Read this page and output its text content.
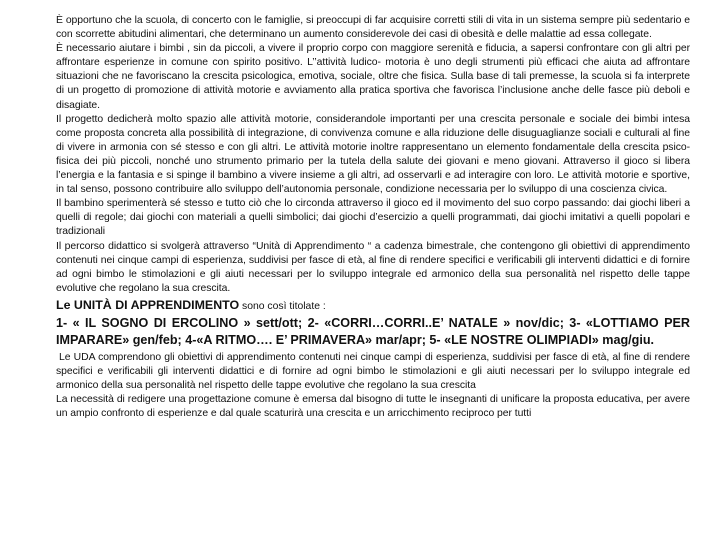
È opportuno che la scuola, di concerto con le famiglie, si preoccupi di far acquisire corretti stili di vita in un sistema sempre più sedentario e con scorrette abitudini alimentari, che determinano un aumento considerevole dei casi di obesità e delle malattie ad essa collegate.

È necessario aiutare i bimbi , sin da piccoli, a vivere il proprio corpo con maggiore serenità e fiducia, a sapersi confrontare con gli altri per affrontare esperienze in comune con spirito positivo. L’’attività ludico- motoria è uno degli strumenti più efficaci che aiuta ad affrontare situazioni che ne favoriscano la crescita psicologica, emotiva, sociale, oltre che fisica. Sulla base di tali premesse, la scuola si fa interprete di un progetto di promozione di attività motorie e avviamento alla pratica sportiva che favorisca l’inclusione anche delle fasce più deboli e disagiate.

Il progetto dedicherà molto spazio alle attività motorie, considerandole importanti per una crescita personale e sociale dei bimbi intesa come proposta concreta alla possibilità di integrazione, di convivenza comune e alla riduzione delle disuguaglianze sociali e culturali al fine di vivere in armonia con sé stesso e con gli altri. Le attività motorie inoltre rappresentano un elemento fondamentale della crescita psico-fisica dei più piccoli, nonché uno strumento primario per la tutela della salute dei giovani e meno giovani. Attraverso il gioco si libera l’energia e la fantasia e si spinge il bambino a vivere insieme a gli altri, ad osservarli e ad interagire con loro. Le attività motorie e sportive, in tal senso, possono contribuire allo sviluppo dell’autonomia personale, condizione necessaria per lo sviluppo di una coscienza civica.

Il bambino sperimenterà sé stesso e tutto ciò che lo circonda attraverso il gioco ed il movimento del suo corpo passando: dai giochi liberi a quelli di regole; dai giochi con materiali a quelli simbolici; dai giochi d’esercizio a quelli programmati, dai giochi imitativi a quelli popolari e tradizionali

Il percorso didattico si svolgerà attraverso “Unità di Apprendimento “ a cadenza bimestrale, che contengono gli obiettivi di apprendimento contenuti nei cinque campi di esperienza, suddivisi per fasce di età, al fine di rendere specifici e verificabili gli interventi didattici e di fornire ad ogni bimbo le stimolazioni e gli aiuti necessari per lo sviluppo integrale ed armonico della sua personalità nel rispetto delle tappe evolutive che regolano la sua crescita.

Le UNITÀ DI APPRENDIMENTO sono così titolate :

1- « IL SOGNO DI ERCOLINO » sett/ott; 2- «CORRI…CORRI..E’ NATALE » nov/dic; 3- «LOTTIAMO PER IMPARARE» gen/feb; 4-«A RITMO…. E’ PRIMAVERA» mar/apr; 5- «LE NOSTRE OLIMPIADI» mag/giu.

Le UDA comprendono gli obiettivi di apprendimento contenuti nei cinque campi di esperienza, suddivisi per fasce di età, al fine di rendere specifici e verificabili gli interventi didattici e di fornire ad ogni bimbo le stimolazioni e gli aiuti necessari per lo sviluppo integrale ed armonico della sua personalità nel rispetto delle tappe evolutive che regolano la sua crescita

La necessità di redigere una progettazione comune è emersa dal bisogno di tutte le insegnanti di unificare la proposta educativa, per avere un ampio confronto di esperienze e dal quale scaturirà una crescita e un arricchimento reciproco per tutti
